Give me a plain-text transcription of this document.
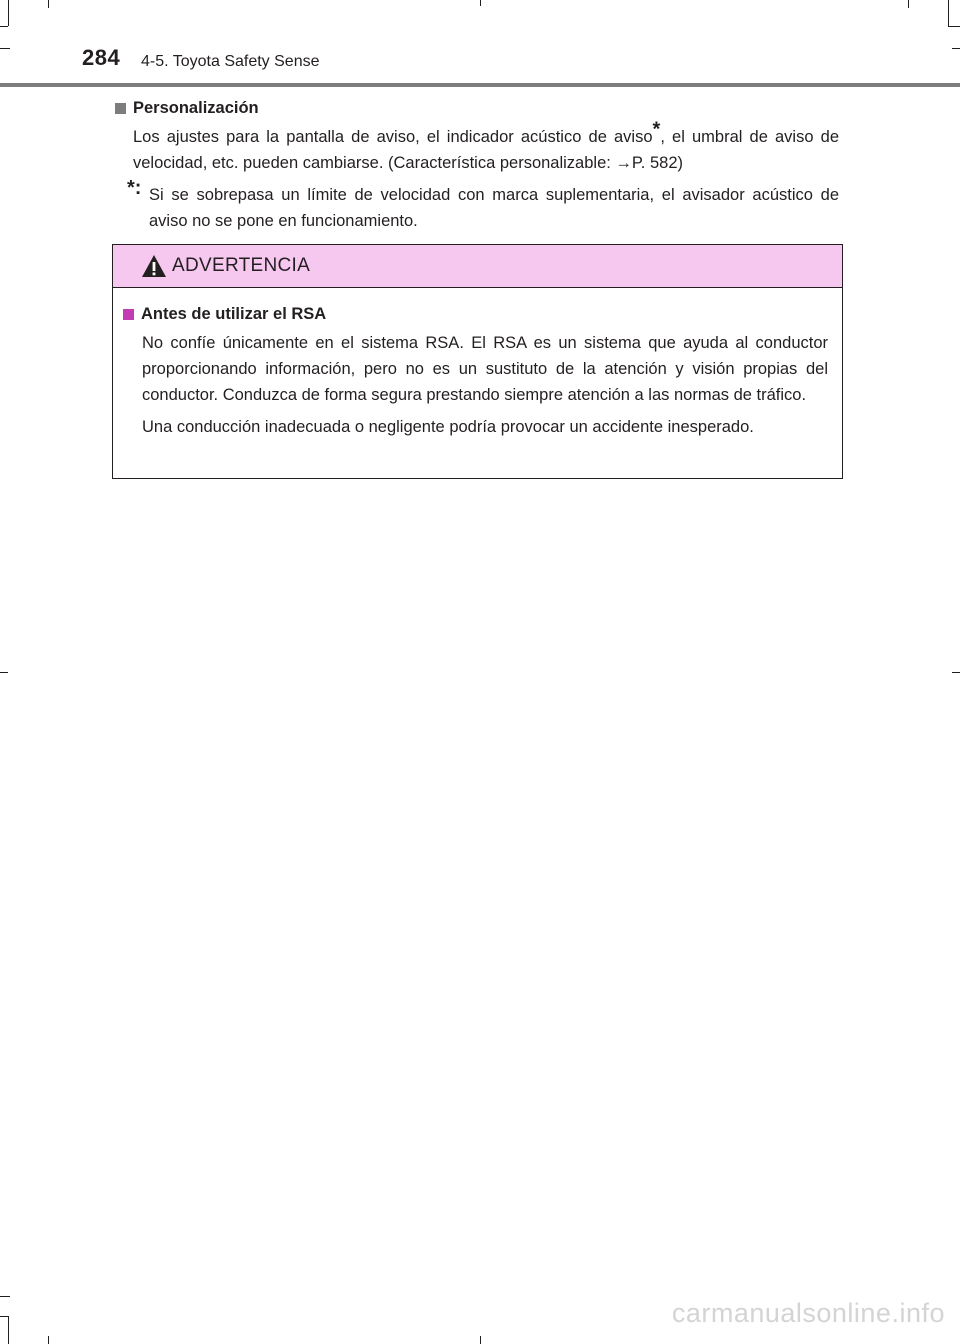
284 4-5. Toyota Safety Sense
Personalización

Los ajustes para la pantalla de aviso, el indicador acústico de aviso*, el umbral de aviso de velocidad, etc. pueden cambiarse. (Característica personalizable: →P. 582)

*: Si se sobrepasa un límite de velocidad con marca suplementaria, el avisador acústico de aviso no se pone en funcionamiento.

ADVERTENCIA
Antes de utilizar el RSA

No confíe únicamente en el sistema RSA. El RSA es un sistema que ayuda al conductor proporcionando información, pero no es un sustituto de la atención y visión propias del conductor. Conduzca de forma segura prestando siempre atención a las normas de tráfico.

Una conducción inadecuada o negligente podría provocar un accidente inesperado.

carmanualsonline.info
